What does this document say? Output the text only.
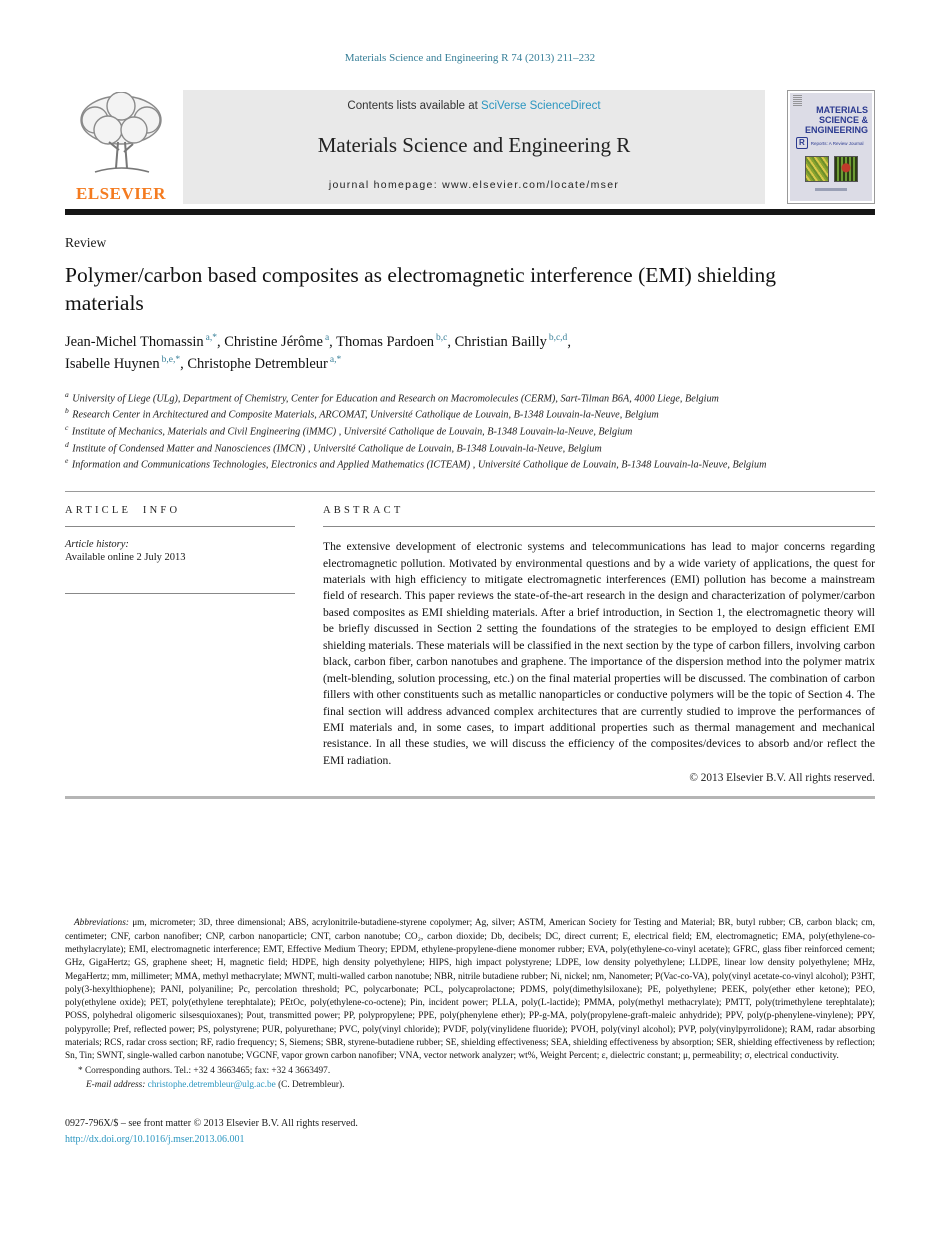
Materials Science and Engineering R 74 (2013) 211–232
ELSEVIER
Contents lists available at SciVerse ScienceDirect
Materials Science and Engineering R
journal homepage: www.elsevier.com/locate/mser
MATERIALS
SCIENCE &
ENGINEERING
R	Reports: A Review Journal
Review
Polymer/carbon based composites as electromagnetic interference (EMI) shielding materials
Jean-Michel Thomassin $^{a,*}$, Christine Jérôme $^a$, Thomas Pardoen $^{b,c}$, Christian Bailly $^{b,c,d}$,
Isabelle Huynen $^{b,e,*}$, Christophe Detrembleur $^{a,*}$
$^a$ University of Liege (ULg), Department of Chemistry, Center for Education and Research on Macromolecules (CERM), Sart-Tilman B6A, 4000 Liege, Belgium
$^b$ Research Center in Architectured and Composite Materials, ARCOMAT, Université Catholique de Louvain, B-1348 Louvain-la-Neuve, Belgium
$^c$ Institute of Mechanics, Materials and Civil Engineering (iMMC) , Université Catholique de Louvain, B-1348 Louvain-la-Neuve, Belgium
$^d$ Institute of Condensed Matter and Nanosciences (IMCN) , Université Catholique de Louvain, B-1348 Louvain-la-Neuve, Belgium
$^e$ Information and Communications Technologies, Electronics and Applied Mathematics (ICTEAM) , Université Catholique de Louvain, B-1348 Louvain-la-Neuve, Belgium
ARTICLE INFO
Article history:
Available online 2 July 2013
ABSTRACT

The extensive development of electronic systems and telecommunications has lead to major concerns regarding electromagnetic pollution. Motivated by environmental questions and by a wide variety of applications, the quest for materials with high efficiency to mitigate electromagnetic interferences (EMI) pollution has become a mainstream field of research. This paper reviews the state-of-the-art research in the design and characterization of polymer/carbon based composites as EMI shielding materials. After a brief introduction, in Section 1, the electromagnetic theory will be briefly discussed in Section 2 setting the foundations of the strategies to be employed to design efficient EMI shielding materials. These materials will be classified in the next section by the type of carbon fillers, involving carbon black, carbon fiber, carbon nanotubes and graphene. The importance of the dispersion method into the polymer matrix (melt-blending, solution processing, etc.) on the final material properties will be discussed. The combination of carbon fillers with other constituents such as metallic nanoparticles or conductive polymers will be the topic of Section 4. The final section will address advanced complex architectures that are currently studied to improve the performances of EMI materials and, in some cases, to impart additional properties such as thermal management and mechanical resistance. In all these studies, we will discuss the efficiency of the composites/devices to absorb and/or reflect the EMI radiation.

© 2013 Elsevier B.V. All rights reserved.
Abbreviations: μm, micrometer; 3D, three dimensional; ABS, acrylonitrile-butadiene-styrene copolymer; Ag, silver; ASTM, American Society for Testing and Material; BR, butyl rubber; CB, carbon black; cm, centimeter; CNF, carbon nanofiber; CNP, carbon nanoparticle; CNT, carbon nanotube; CO₂, carbon dioxide; Db, decibels; DC, direct current; E, electrical field; EM, electromagnetic; EMA, poly(ethylene-co- methylacrylate); EMI, electromagnetic interference; EMT, Effective Medium Theory; EPDM, ethylene-propylene-diene monomer rubber; EVA, poly(ethylene-co-vinyl acetate); GFRC, glass fiber reinforced cement; GHz, GigaHertz; GS, graphene sheet; H, magnetic field; HDPE, high density polyethylene; HIPS, high impact polystyrene; LDPE, low density polyethylene; LLDPE, linear low density polyethylene; MHz, MegaHertz; mm, millimeter; MMA, methyl methacrylate; MWNT, multi-walled carbon nanotube; NBR, nitrile butadiene rubber; Ni, nickel; nm, Nanometer; P(Vac-co-VA), poly(vinyl acetate-co-vinyl alcohol); P3HT, poly(3-hexylthiophene); PANI, polyaniline; Pc, percolation threshold; PC, polycarbonate; PCL, polycaprolactone; PDMS, poly(dimethylsiloxane); PE, polyethylene; PEEK, poly(ether ether ketone); PEO, poly(ethylene oxide); PET, poly(ethylene terephtalate); PEtOc, poly(ethylene-co-octene); Pin, incident power; PLLA, poly(L-lactide); PMMA, poly(methyl methacrylate); PMTT, poly(trimethylene terephtalate); POSS, polyhedral oligomeric silsesquioxanes); Pout, transmitted power; PP, polypropylene; PPE, poly(phenylene ether); PP-g-MA, poly(propylene-graft-maleic anhydride); PPV, poly(p-phenylene-vinylene); PPY, polypyrolle; Pref, reflected power; PS, polystyrene; PUR, polyurethane; PVC, poly(vinyl chloride); PVDF, poly(vinylidene fluoride); PVOH, poly(vinyl alcohol); PVP, poly(vinylpyrrolidone); RAM, radar absorbing materials; RCS, radar cross section; RF, radio frequency; S, Siemens; SBR, styrene-butadiene rubber; SE, shielding effectiveness; SEA, shielding effectiveness by absorption; SER, shielding effectiveness by reflection; Sn, Tin; SWNT, single-walled carbon nanotube; VGCNF, vapor grown carbon nanofiber; VNA, vector network analyzer; wt%, Weight Percent; ε, dielectric constant; μ, permeability; σ, electrical conductivity.
* Corresponding authors. Tel.: +32 4 3663465; fax: +32 4 3663497.
E-mail address: christophe.detrembleur@ulg.ac.be (C. Detrembleur).
0927-796X/$ – see front matter © 2013 Elsevier B.V. All rights reserved.
http://dx.doi.org/10.1016/j.mser.2013.06.001
